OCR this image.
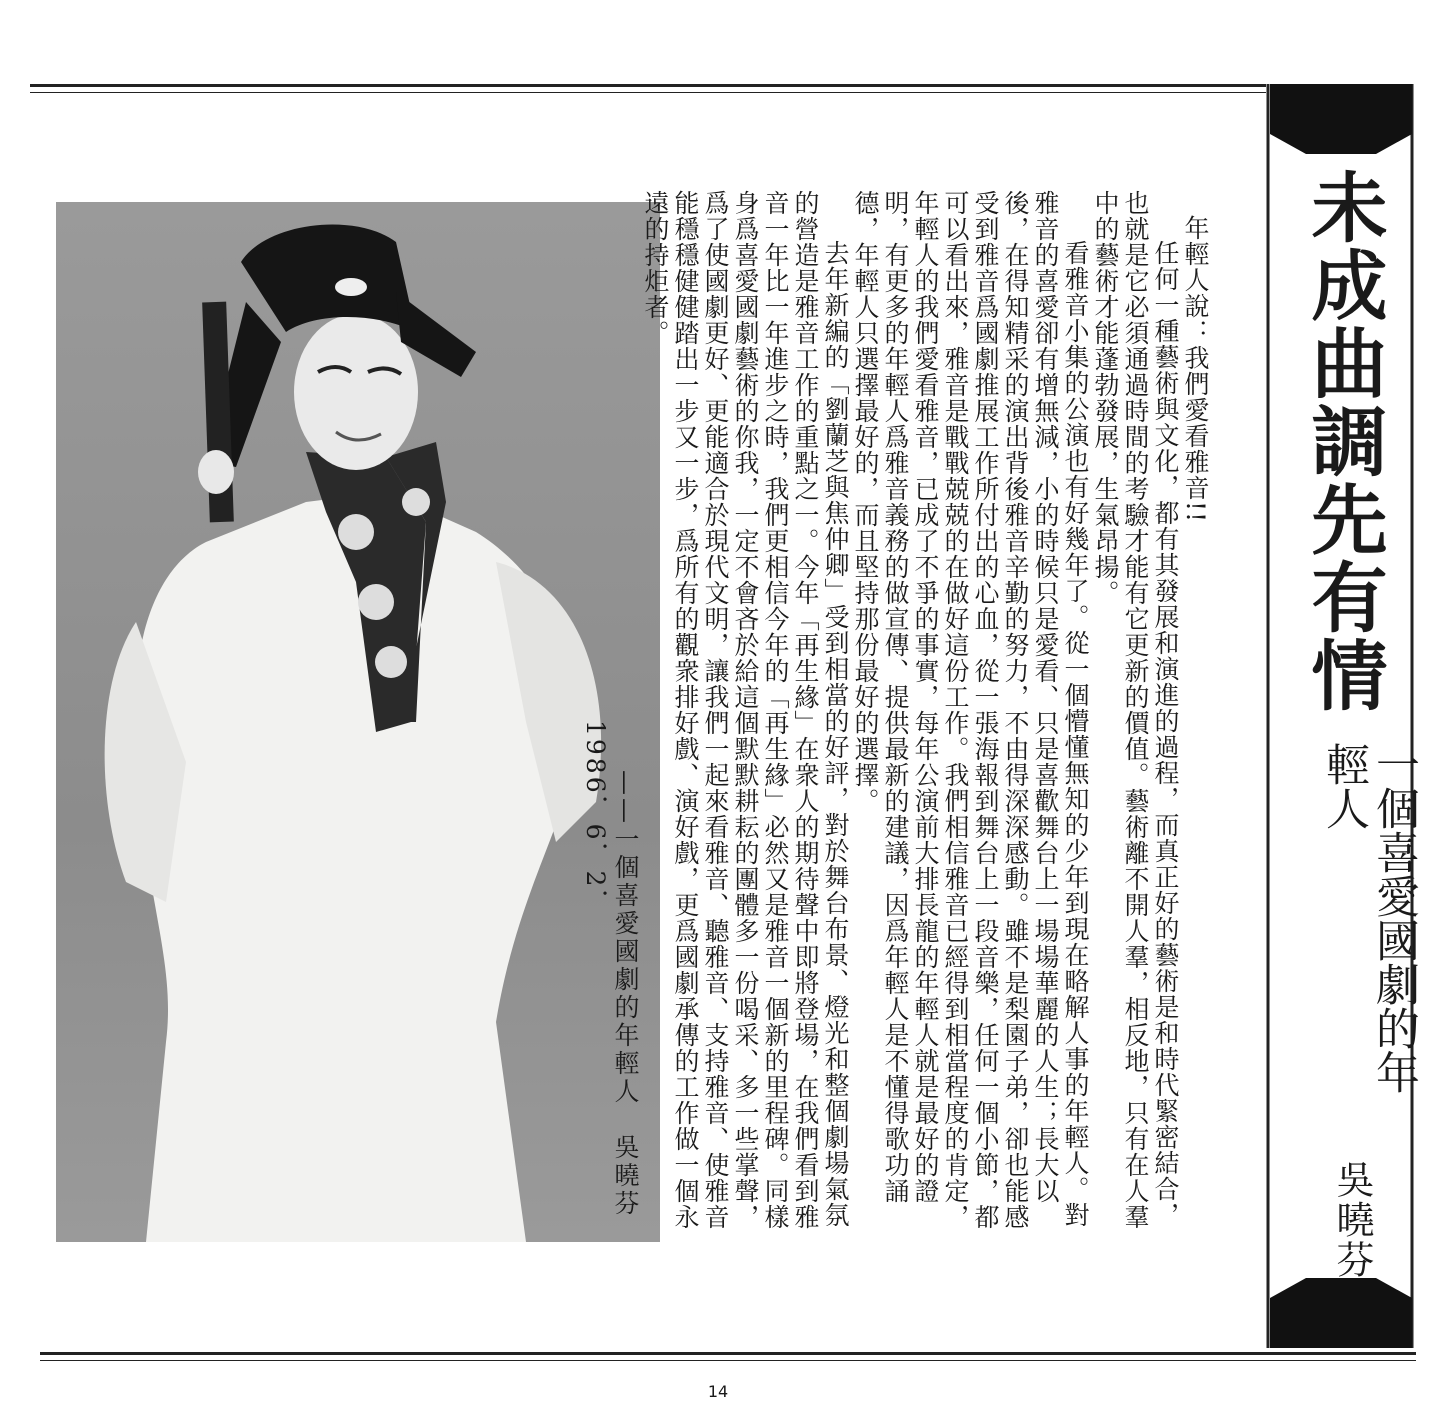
年輕人說：我們愛看雅音!!

任何一種藝術與文化，都有其發展和演進的過程，而真正好的藝術是和時代緊密結合，也就是它必須通過時間的考驗才能有它更新的價值。藝術離不開人羣，相反地，只有在人羣中的藝術才能蓬勃發展，生氣昂揚。

看雅音小集的公演也有好幾年了。從一個懵懂無知的少年到現在略解人事的年輕人。對雅音的喜愛卻有增無減，小的時候只是愛看、只是喜歡舞台上一場場華麗的人生；長大以後，在得知精采的演出背後雅音辛勤的努力，不由得深深感動。雖不是梨園子弟，卻也能感受到雅音爲國劇推展工作所付出的心血，從一張海報到舞台上一段音樂，任何一個小節，都可以看出來，雅音是戰戰兢兢的在做好這份工作。我們相信雅音已經得到相當程度的肯定，年輕人的我們愛看雅音，已成了不爭的事實，每年公演前大排長龍的年輕人就是最好的證明，有更多的年輕人爲雅音義務的做宣傳、提供最新的建議，因爲年輕人是不懂得歌功誦德，年輕人只選擇最好的，而且堅持那份最好的選擇。

去年新編的「劉蘭芝與焦仲卿」受到相當的好評，對於舞台布景、燈光和整個劇場氣氛的營造是雅音工作的重點之一。今年「再生緣」在衆人的期待聲中即將登場，在我們看到雅音一年比一年進步之時，我們更相信今年的「再生緣」必然又是雅音一個新的里程碑。同樣身爲喜愛國劇藝術的你我，一定不會吝於給這個默默耕耘的團體多一份喝采、多一些掌聲，爲了使國劇更好、更能適合於現代文明，讓我們一起來看雅音、聽雅音、支持雅音、使雅音能穩穩健健踏出一步又一步，爲所有的觀衆排好戲、演好戲，更爲國劇承傳的工作做一個永遠的持炬者。

——一個喜愛國劇的年輕人　吳曉芬　1986．6．2．

未成曲調先有情
一個喜愛國劇的年輕人
吳曉芬
14
